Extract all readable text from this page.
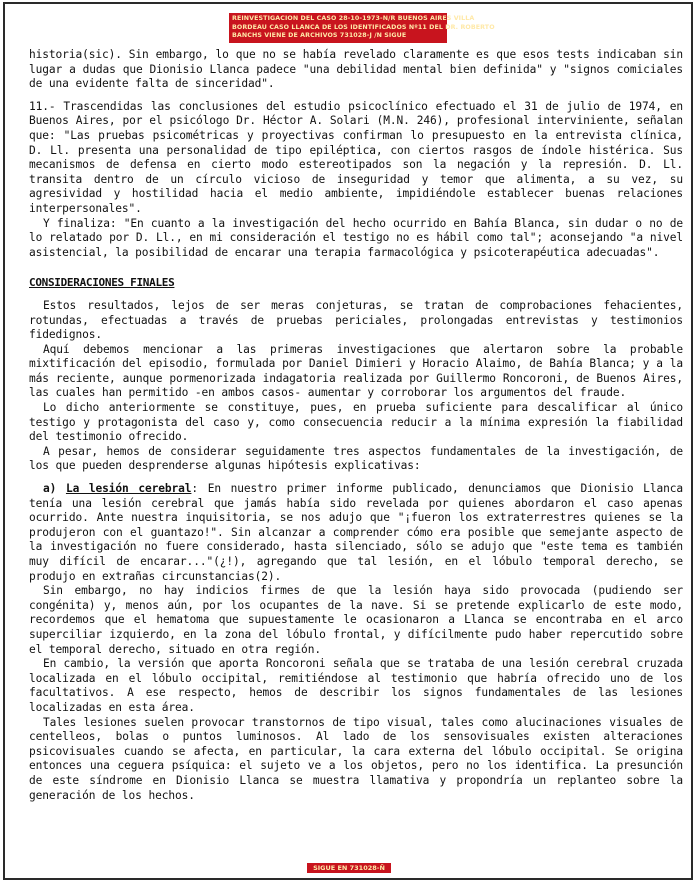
REINVESTIGACION DEL CASO 28-10-1973-N/R BUENOS AIRES VILLA
BORDEAU CASO LLANCA DE LOS IDENTIFICADOS Nº11 DEL DR. ROBERTO
BANCHS VIENE DE ARCHIVOS 731028-J /N SIGUE

historia(sic). Sin embargo, lo que no se había revelado claramente es que esos tests indicaban sin lugar a dudas que Dionisio Llanca padece "una debilidad mental bien definida" y "signos comiciales de una evidente falta de sinceridad".

11.- Trascendidas las conclusiones del estudio psicoclínico efectuado el 31 de julio de 1974, en Buenos Aires, por el psicólogo Dr. Héctor A. Solari (M.N. 246), profesional interviniente, señalan que: "Las pruebas psicométricas y proyectivas confirman lo presupuesto en la entrevista clínica, D. Ll. presenta una personalidad de tipo epiléptica, con ciertos rasgos de índole histérica. Sus mecanismos de defensa en cierto modo estereotipados son la negación y la represión. D. Ll. transita dentro de un círculo vicioso de inseguridad y temor que alimenta, a su vez, su agresividad y hostilidad hacia el medio ambiente, impidiéndole establecer buenas relaciones interpersonales".

Y finaliza: "En cuanto a la investigación del hecho ocurrido en Bahía Blanca, sin dudar o no de lo relatado por D. Ll., en mi consideración el testigo no es hábil como tal"; aconsejando "a nivel asistencial, la posibilidad de encarar una terapia farmacológica y psicoterapéutica adecuadas".

CONSIDERACIONES FINALES

Estos resultados, lejos de ser meras conjeturas, se tratan de comprobaciones fehacientes, rotundas, efectuadas a través de pruebas periciales, prolongadas entrevistas y testimonios fidedignos.

Aquí debemos mencionar a las primeras investigaciones que alertaron sobre la probable mixtificación del episodio, formulada por Daniel Dimieri y Horacio Alaimo, de Bahía Blanca; y a la más reciente, aunque pormenorizada indagatoria realizada por Guillermo Roncoroni, de Buenos Aires, las cuales han permitido -en ambos casos- aumentar y corroborar los argumentos del fraude.

Lo dicho anteriormente se constituye, pues, en prueba suficiente para descalificar al único testigo y protagonista del caso y, como consecuencia reducir a la mínima expresión la fiabilidad del testimonio ofrecido.

A pesar, hemos de considerar seguidamente tres aspectos fundamentales de la investigación, de los que pueden desprenderse algunas hipótesis explicativas:

a) La lesión cerebral: En nuestro primer informe publicado, denunciamos que Dionisio Llanca tenía una lesión cerebral que jamás había sido revelada por quienes abordaron el caso apenas ocurrido. Ante nuestra inquisitoria, se nos adujo que "¡fueron los extraterrestres quienes se la produjeron con el guantazo!". Sin alcanzar a comprender cómo era posible que semejante aspecto de la investigación no fuere considerado, hasta silenciado, sólo se adujo que "este tema es también muy difícil de encarar..."(¿!), agregando que tal lesión, en el lóbulo temporal derecho, se produjo en extrañas circunstancias(2).

Sin embargo, no hay indicios firmes de que la lesión haya sido provocada (pudiendo ser congénita) y, menos aún, por los ocupantes de la nave. Si se pretende explicarlo de este modo, recordemos que el hematoma que supuestamente le ocasionaron a Llanca se encontraba en el arco superciliar izquierdo, en la zona del lóbulo frontal, y difícilmente pudo haber repercutido sobre el temporal derecho, situado en otra región.

En cambio, la versión que aporta Roncoroni señala que se trataba de una lesión cerebral cruzada localizada en el lóbulo occipital, remitiéndose al testimonio que habría ofrecido uno de los facultativos. A ese respecto, hemos de describir los signos fundamentales de las lesiones localizadas en esta área.

Tales lesiones suelen provocar transtornos de tipo visual, tales como alucinaciones visuales de centelleos, bolas o puntos luminosos. Al lado de los sensovisuales existen alteraciones psicovisuales cuando se afecta, en particular, la cara externa del lóbulo occipital. Se origina entonces una ceguera psíquica: el sujeto ve a los objetos, pero no los identifica. La presunción de este síndrome en Dionisio Llanca se muestra llamativa y propondría un replanteo sobre la generación de los hechos.

SIGUE EN 731028-Ñ
